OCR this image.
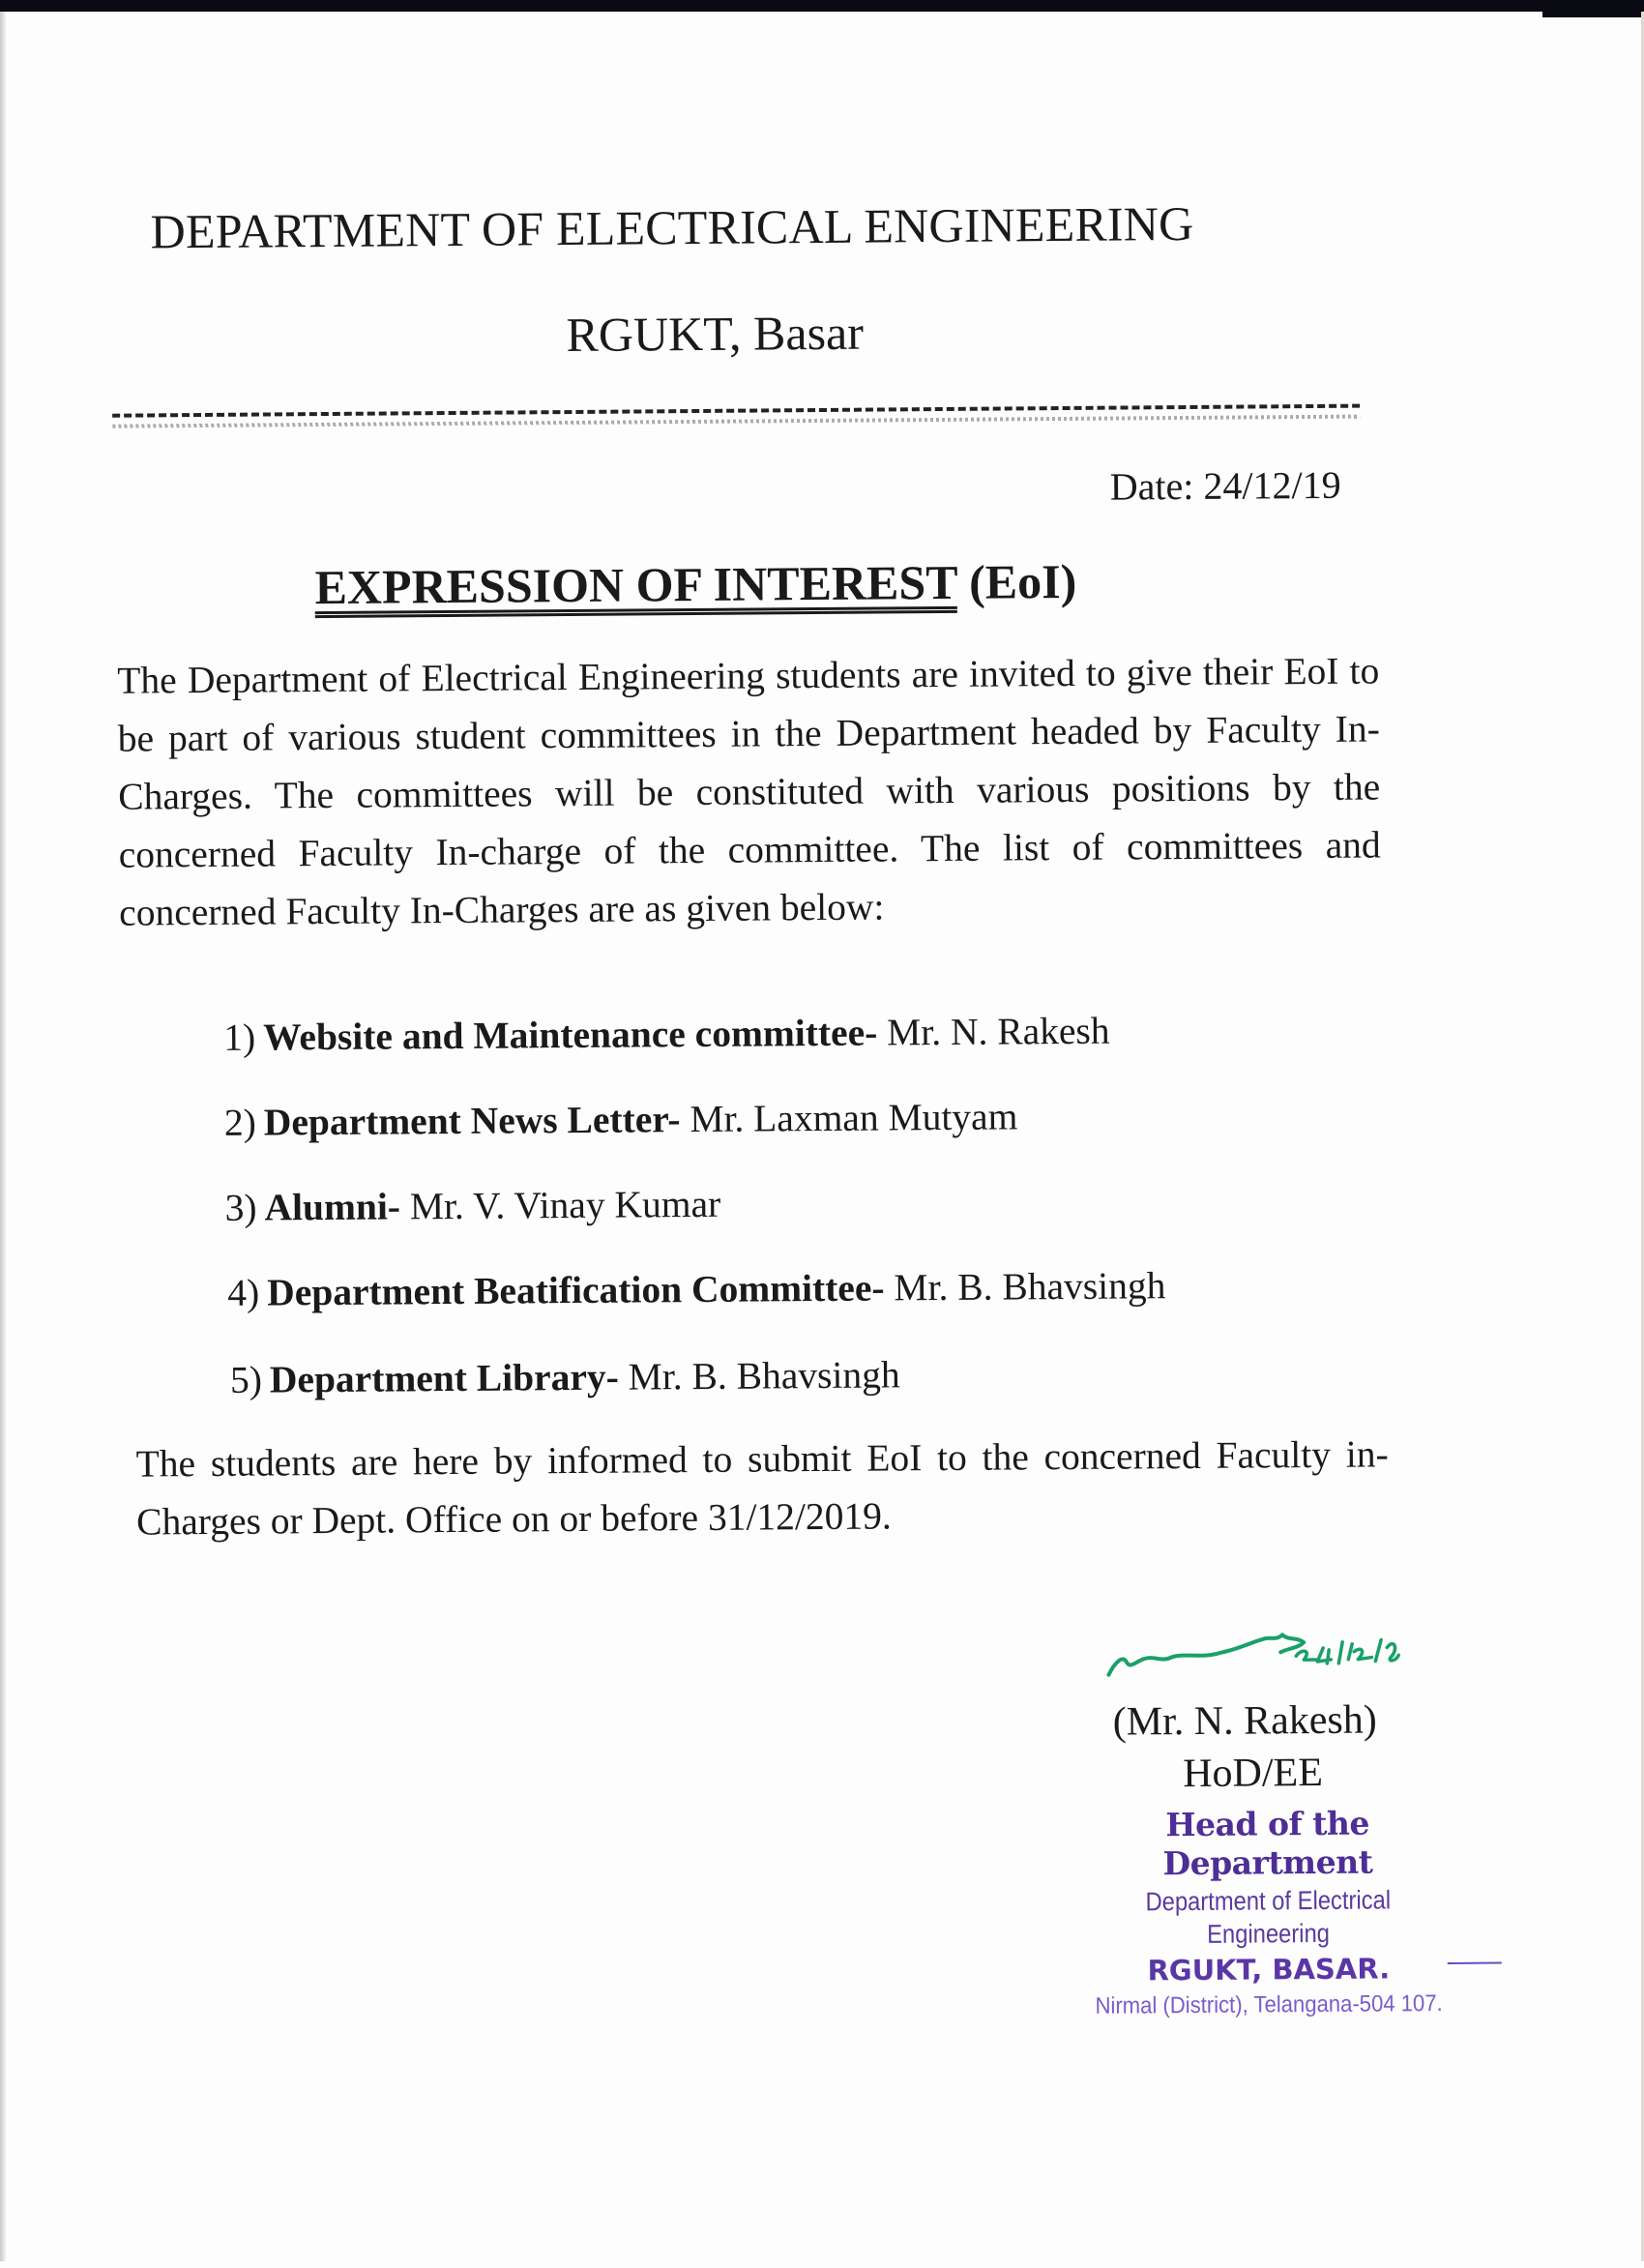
DEPARTMENT OF ELECTRICAL ENGINEERING
RGUKT, Basar
Date: 24/12/19
EXPRESSION OF INTEREST (EoI)
The Department of Electrical Engineering students are invited to give their EoI to be part of various student committees in the Department headed by Faculty In-Charges. The committees will be constituted with various positions by the concerned Faculty In-charge of the committee. The list of committees and concerned Faculty In-Charges are as given below:
1) Website and Maintenance committee- Mr. N. Rakesh
2) Department News Letter- Mr. Laxman Mutyam
3) Alumni- Mr. V. Vinay Kumar
4) Department Beatification Committee- Mr. B. Bhavsingh
5) Department Library- Mr. B. Bhavsingh
The students are here by informed to submit EoI to the concerned Faculty in-Charges or Dept. Office on or before 31/12/2019.
(Mr. N. Rakesh)
HoD/EE
Head of the Department
Department of Electrical Engineering
RGUKT, BASAR.
Nirmal (District), Telangana-504 107.
